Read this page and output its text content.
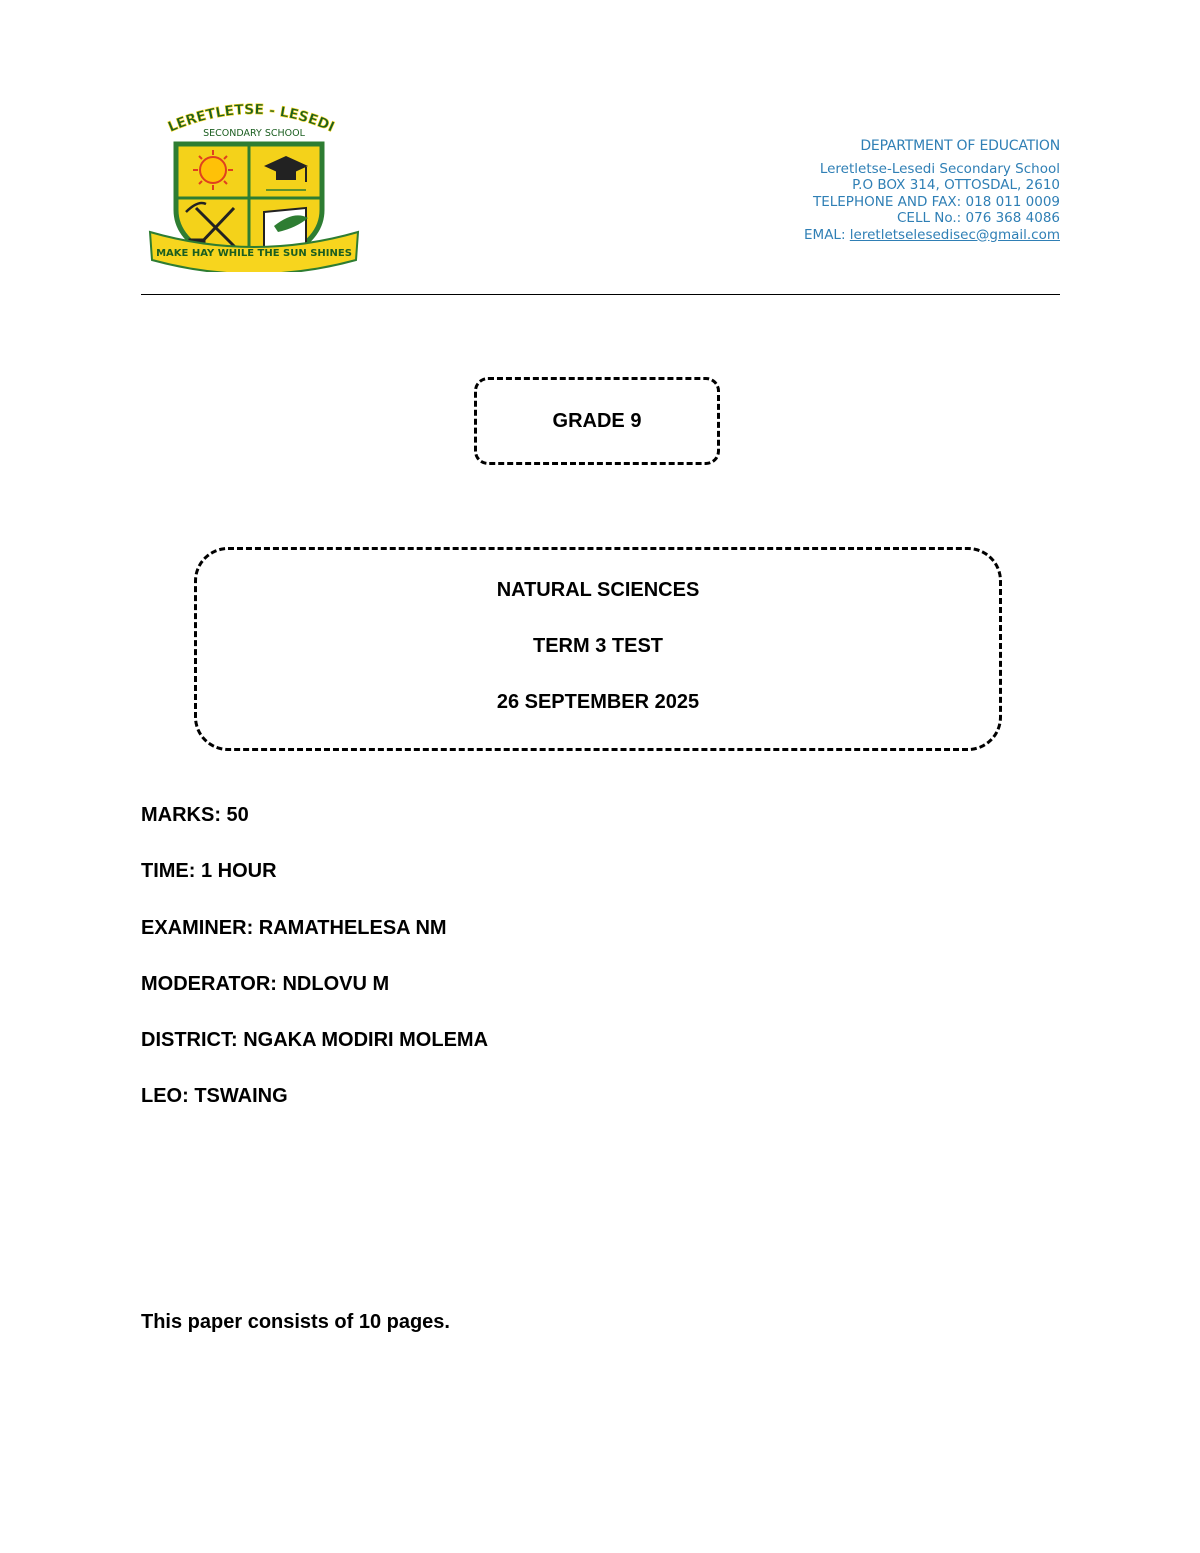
LERETLETSE - LESEDI
SECONDARY SCHOOL
MAKE HAY WHILE THE SUN SHINES
DEPARTMENT OF EDUCATION
Leretletse-Lesedi Secondary School
P.O BOX 314, OTTOSDAL, 2610
TELEPHONE AND FAX: 018 011 0009
CELL No.: 076 368 4086
EMAL: leretletselesedisec@gmail.com
GRADE 9
NATURAL SCIENCES
TERM 3 TEST
26 SEPTEMBER 2025
MARKS: 50
TIME: 1 HOUR
EXAMINER: RAMATHELESA NM
MODERATOR: NDLOVU M
DISTRICT: NGAKA MODIRI MOLEMA
LEO: TSWAING
This paper consists of 10 pages.
